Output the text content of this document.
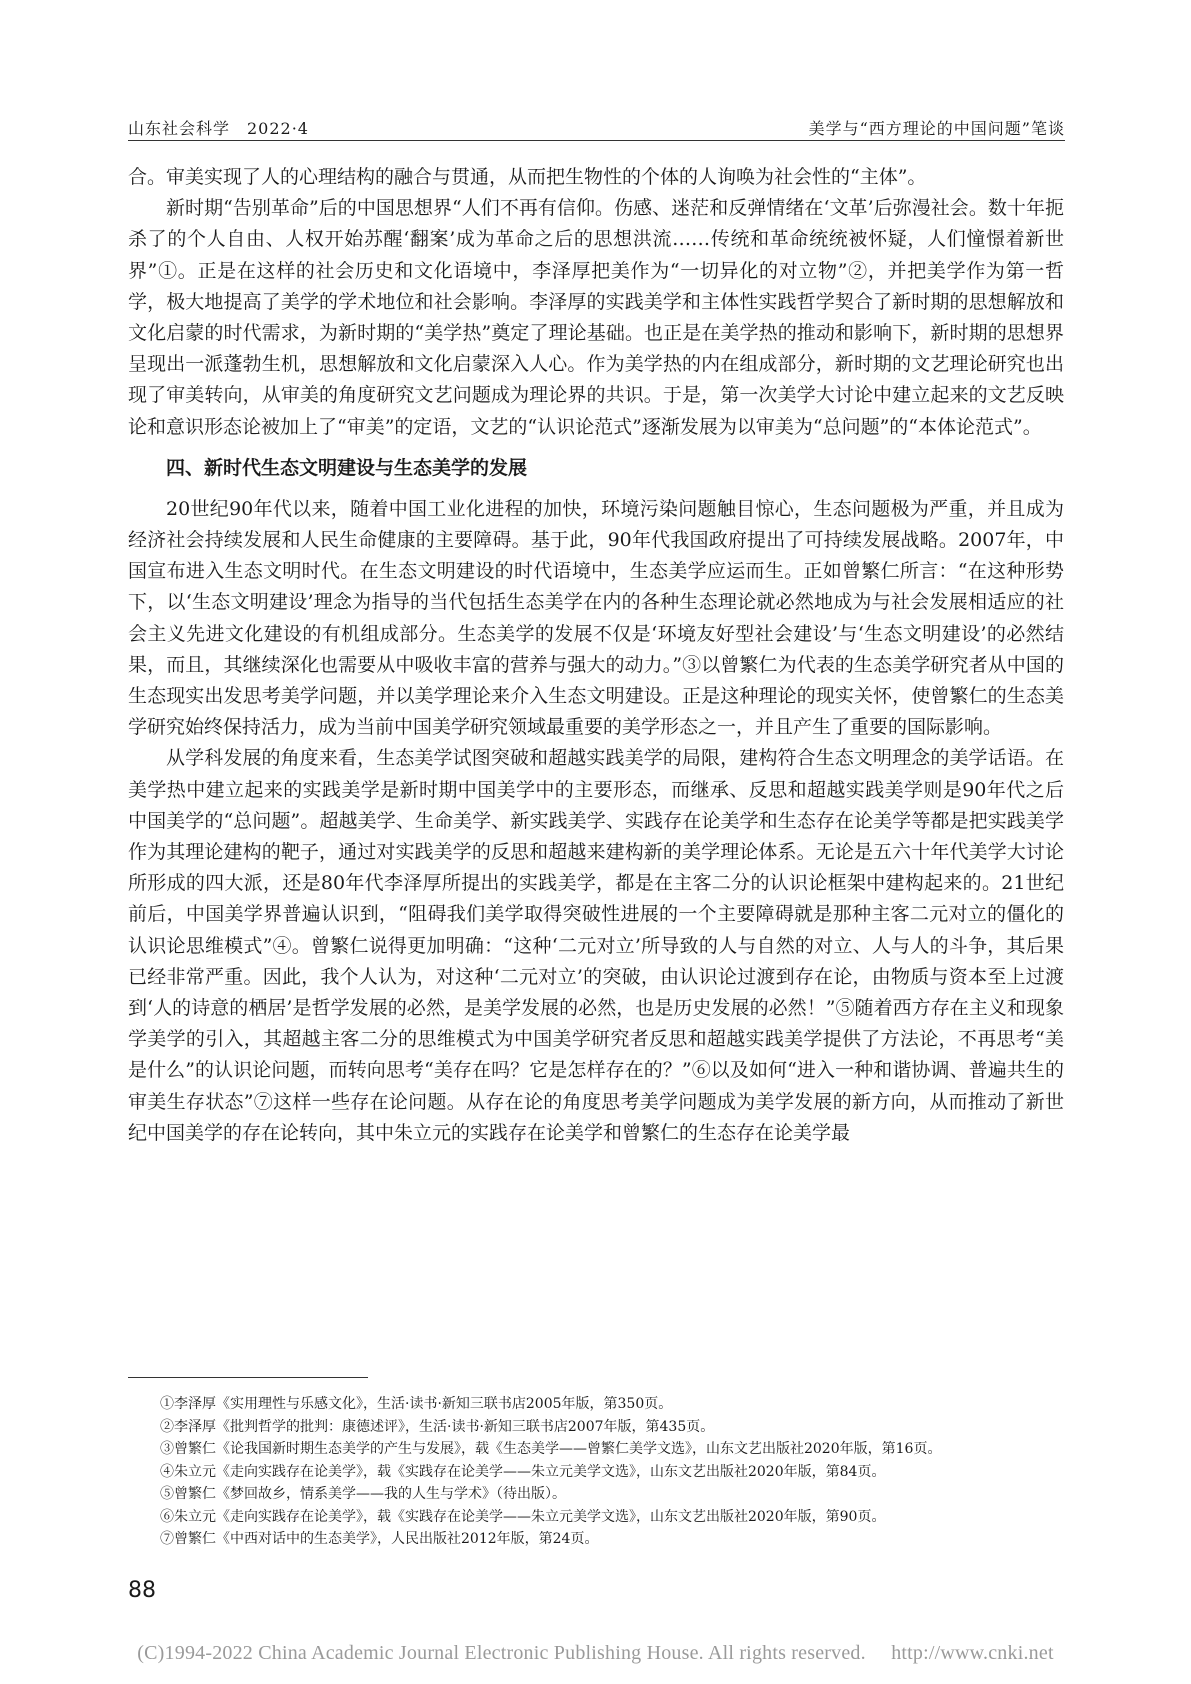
山东社会科学　2022·4	美学与“西方理论的中国问题”笔谈

合。审美实现了人的心理结构的融合与贯通，从而把生物性的个体的人询唤为社会性的“主体”。

新时期“告别革命”后的中国思想界“人们不再有信仰。伤感、迷茫和反弹情绪在‘文革’后弥漫社会。数十年扼杀了的个人自由、人权开始苏醒‘翻案’成为革命之后的思想洪流……传统和革命统统被怀疑，人们憧憬着新世界”①。正是在这样的社会历史和文化语境中，李泽厚把美作为“一切异化的对立物”②，并把美学作为第一哲学，极大地提高了美学的学术地位和社会影响。李泽厚的实践美学和主体性实践哲学契合了新时期的思想解放和文化启蒙的时代需求，为新时期的“美学热”奠定了理论基础。也正是在美学热的推动和影响下，新时期的思想界呈现出一派蓬勃生机，思想解放和文化启蒙深入人心。作为美学热的内在组成部分，新时期的文艺理论研究也出现了审美转向，从审美的角度研究文艺问题成为理论界的共识。于是，第一次美学大讨论中建立起来的文艺反映论和意识形态论被加上了“审美”的定语，文艺的“认识论范式”逐渐发展为以审美为“总问题”的“本体论范式”。

四、新时代生态文明建设与生态美学的发展

20世纪90年代以来，随着中国工业化进程的加快，环境污染问题触目惊心，生态问题极为严重，并且成为经济社会持续发展和人民生命健康的主要障碍。基于此，90年代我国政府提出了可持续发展战略。2007年，中国宣布进入生态文明时代。在生态文明建设的时代语境中，生态美学应运而生。正如曾繁仁所言：“在这种形势下，以‘生态文明建设’理念为指导的当代包括生态美学在内的各种生态理论就必然地成为与社会发展相适应的社会主义先进文化建设的有机组成部分。生态美学的发展不仅是‘环境友好型社会建设’与‘生态文明建设’的必然结果，而且，其继续深化也需要从中吸收丰富的营养与强大的动力。”③以曾繁仁为代表的生态美学研究者从中国的生态现实出发思考美学问题，并以美学理论来介入生态文明建设。正是这种理论的现实关怀，使曾繁仁的生态美学研究始终保持活力，成为当前中国美学研究领域最重要的美学形态之一，并且产生了重要的国际影响。

从学科发展的角度来看，生态美学试图突破和超越实践美学的局限，建构符合生态文明理念的美学话语。在美学热中建立起来的实践美学是新时期中国美学中的主要形态，而继承、反思和超越实践美学则是90年代之后中国美学的“总问题”。超越美学、生命美学、新实践美学、实践存在论美学和生态存在论美学等都是把实践美学作为其理论建构的靶子，通过对实践美学的反思和超越来建构新的美学理论体系。无论是五六十年代美学大讨论所形成的四大派，还是80年代李泽厚所提出的实践美学，都是在主客二分的认识论框架中建构起来的。21世纪前后，中国美学界普遍认识到，“阻碍我们美学取得突破性进展的一个主要障碍就是那种主客二元对立的僵化的认识论思维模式”④。曾繁仁说得更加明确：“这种‘二元对立’所导致的人与自然的对立、人与人的斗争，其后果已经非常严重。因此，我个人认为，对这种‘二元对立’的突破，由认识论过渡到存在论，由物质与资本至上过渡到‘人的诗意的栖居’是哲学发展的必然，是美学发展的必然，也是历史发展的必然！”⑤随着西方存在主义和现象学美学的引入，其超越主客二分的思维模式为中国美学研究者反思和超越实践美学提供了方法论，不再思考“美是什么”的认识论问题，而转向思考“美存在吗？它是怎样存在的？”⑥以及如何“进入一种和谐协调、普遍共生的审美生存状态”⑦这样一些存在论问题。从存在论的角度思考美学问题成为美学发展的新方向，从而推动了新世纪中国美学的存在论转向，其中朱立元的实践存在论美学和曾繁仁的生态存在论美学最

①李泽厚《实用理性与乐感文化》，生活·读书·新知三联书店2005年版，第350页。
②李泽厚《批判哲学的批判：康德述评》，生活·读书·新知三联书店2007年版，第435页。
③曾繁仁《论我国新时期生态美学的产生与发展》，载《生态美学——曾繁仁美学文选》，山东文艺出版社2020年版，第16页。
④朱立元《走向实践存在论美学》，载《实践存在论美学——朱立元美学文选》，山东文艺出版社2020年版，第84页。
⑤曾繁仁《梦回故乡，情系美学——我的人生与学术》（待出版）。
⑥朱立元《走向实践存在论美学》，载《实践存在论美学——朱立元美学文选》，山东文艺出版社2020年版，第90页。
⑦曾繁仁《中西对话中的生态美学》，人民出版社2012年版，第24页。
88
(C)1994-2022 China Academic Journal Electronic Publishing House. All rights reserved.　 http://www.cnki.net
